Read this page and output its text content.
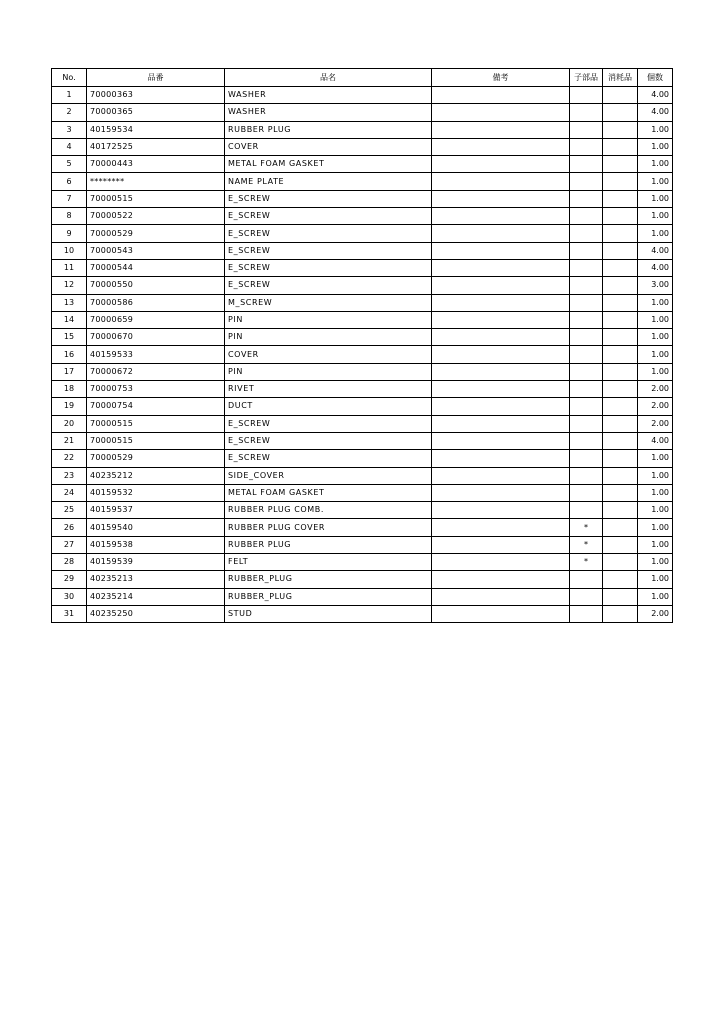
No.	品番	品名	備考	子部品	消耗品	個数
1	70000363	WASHER				4.00
2	70000365	WASHER				4.00
3	40159534	RUBBER PLUG				1.00
4	40172525	COVER				1.00
5	70000443	METAL FOAM GASKET				1.00
6	********	NAME PLATE				1.00
7	70000515	E_SCREW				1.00
8	70000522	E_SCREW				1.00
9	70000529	E_SCREW				1.00
10	70000543	E_SCREW				4.00
11	70000544	E_SCREW				4.00
12	70000550	E_SCREW				3.00
13	70000586	M_SCREW				1.00
14	70000659	PIN				1.00
15	70000670	PIN				1.00
16	40159533	COVER				1.00
17	70000672	PIN				1.00
18	70000753	RIVET				2.00
19	70000754	DUCT				2.00
20	70000515	E_SCREW				2.00
21	70000515	E_SCREW				4.00
22	70000529	E_SCREW				1.00
23	40235212	SIDE_COVER				1.00
24	40159532	METAL FOAM GASKET				1.00
25	40159537	RUBBER PLUG COMB.				1.00
26	40159540	RUBBER PLUG COVER		*		1.00
27	40159538	RUBBER PLUG		*		1.00
28	40159539	FELT		*		1.00
29	40235213	RUBBER_PLUG				1.00
30	40235214	RUBBER_PLUG				1.00
31	40235250	STUD				2.00
